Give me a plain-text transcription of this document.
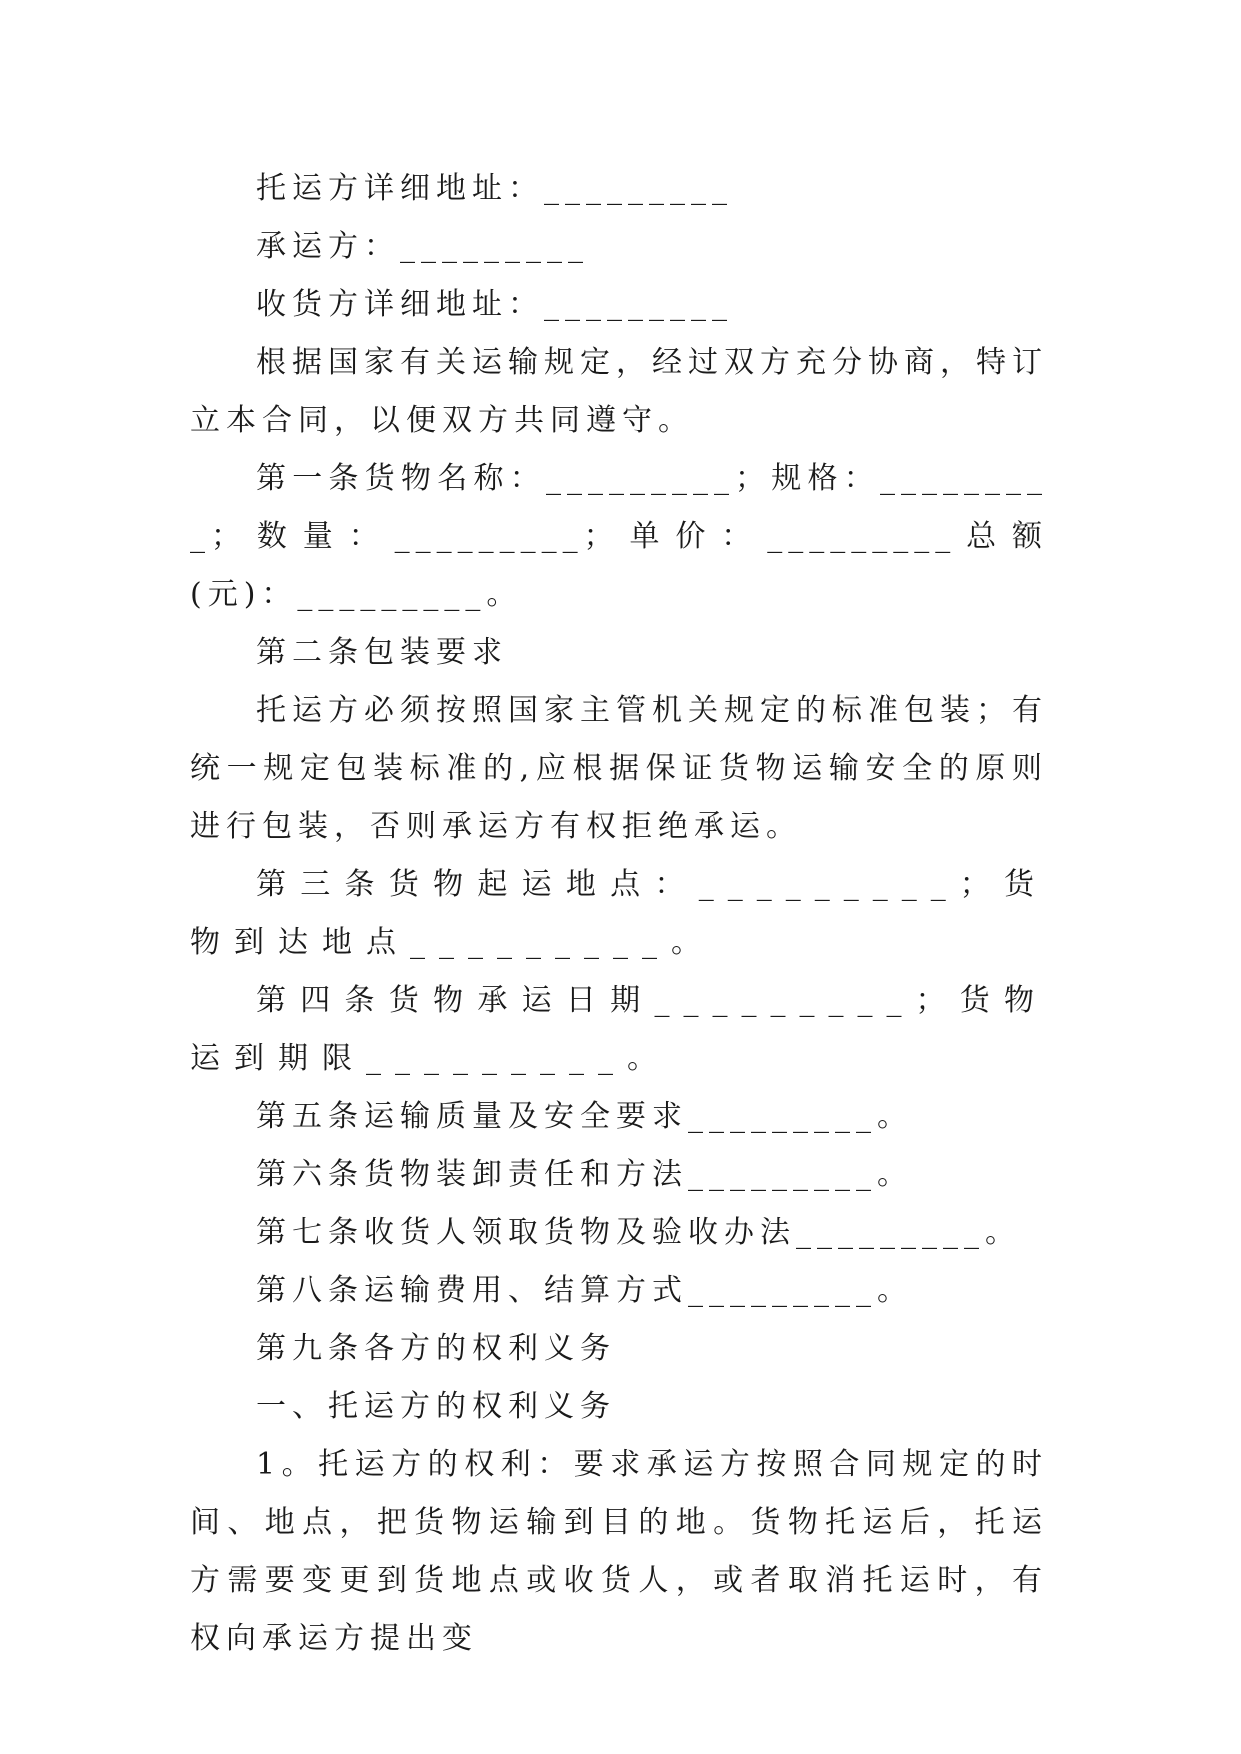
托运方详细地址：_________

承运方：_________

收货方详细地址：_________

根据国家有关运输规定，经过双方充分协商，特订立本合同，以便双方共同遵守。

第一条货物名称：_________；规格：_________；数量：_________；单价：_________总额(元)：_________。

第二条包装要求

托运方必须按照国家主管机关规定的标准包装；有统一规定包装标准的,应根据保证货物运输安全的原则进行包装，否则承运方有权拒绝承运。

第三条货物起运地点：_________；货物到达地点_________。

第四条货物承运日期_________；货物运到期限_________。

第五条运输质量及安全要求_________。

第六条货物装卸责任和方法_________。

第七条收货人领取货物及验收办法_________。

第八条运输费用、结算方式_________。

第九条各方的权利义务

一、托运方的权利义务

1。托运方的权利：要求承运方按照合同规定的时间、地点，把货物运输到目的地。货物托运后，托运方需要变更到货地点或收货人，或者取消托运时，有权向承运方提出变
